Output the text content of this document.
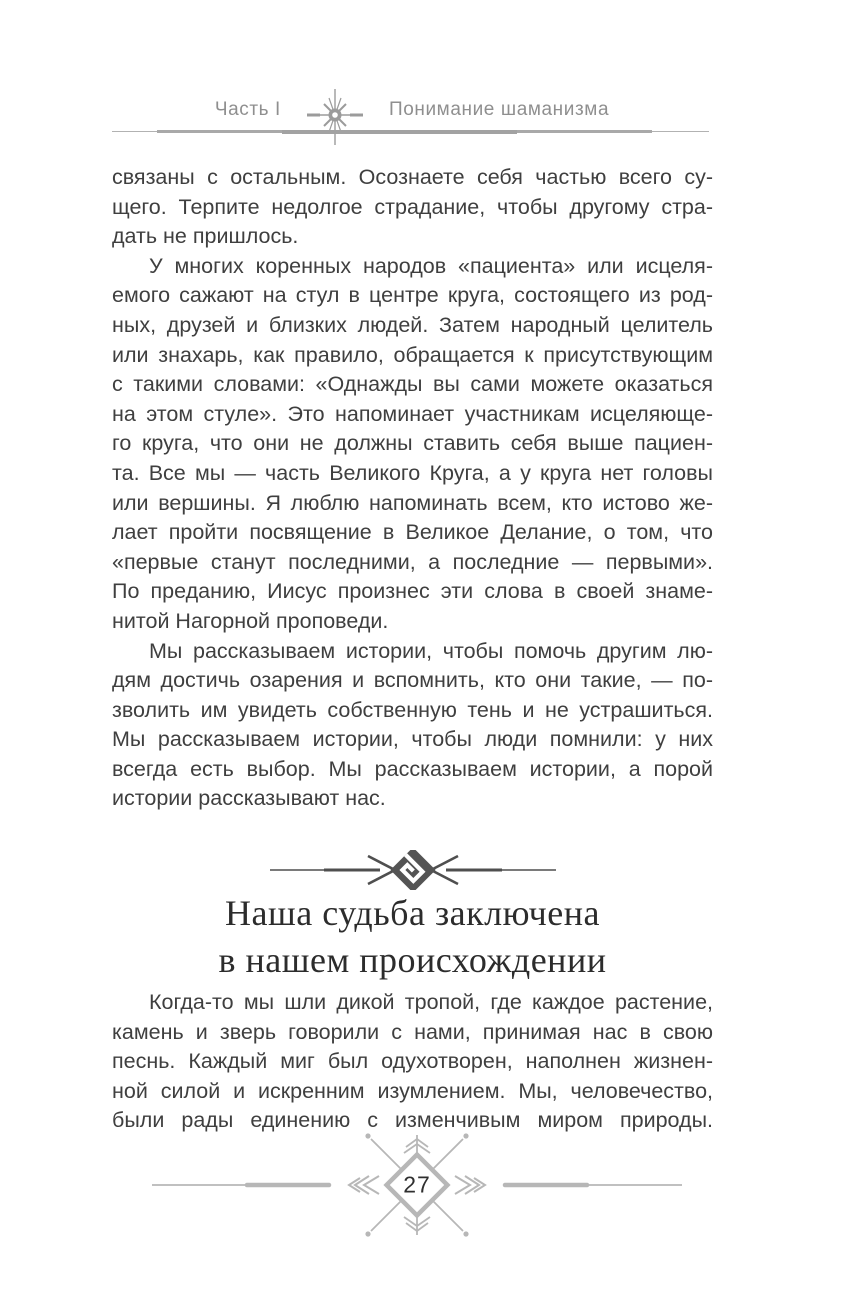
Часть I	Понимание шаманизма
связаны с остальным. Осознаете себя частью всего су-
щего. Терпите недолгое страдание, чтобы другому стра-
дать не пришлось.
У многих коренных народов «пациента» или исцеля-
емого сажают на стул в центре круга, состоящего из род-
ных, друзей и близких людей. Затем народный целитель
или знахарь, как правило, обращается к присутствующим
с такими словами: «Однажды вы сами можете оказаться
на этом стуле». Это напоминает участникам исцеляюще-
го круга, что они не должны ставить себя выше пациен-
та. Все мы — часть Великого Круга, а у круга нет головы
или вершины. Я люблю напоминать всем, кто истово же-
лает пройти посвящение в Великое Делание, о том, что
«первые станут последними, а последние — первыми».
По преданию, Иисус произнес эти слова в своей знаме-
нитой Нагорной проповеди.
Мы рассказываем истории, чтобы помочь другим лю-
дям достичь озарения и вспомнить, кто они такие, — по-
зволить им увидеть собственную тень и не устрашиться.
Мы рассказываем истории, чтобы люди помнили: у них
всегда есть выбор. Мы рассказываем истории, а порой
истории рассказывают нас.
Наша судьба заключена
в нашем происхождении
Когда-то мы шли дикой тропой, где каждое растение,
камень и зверь говорили с нами, принимая нас в свою
песнь. Каждый миг был одухотворен, наполнен жизнен-
ной силой и искренним изумлением. Мы, человечество,
были рады единению с изменчивым миром природы.
27
